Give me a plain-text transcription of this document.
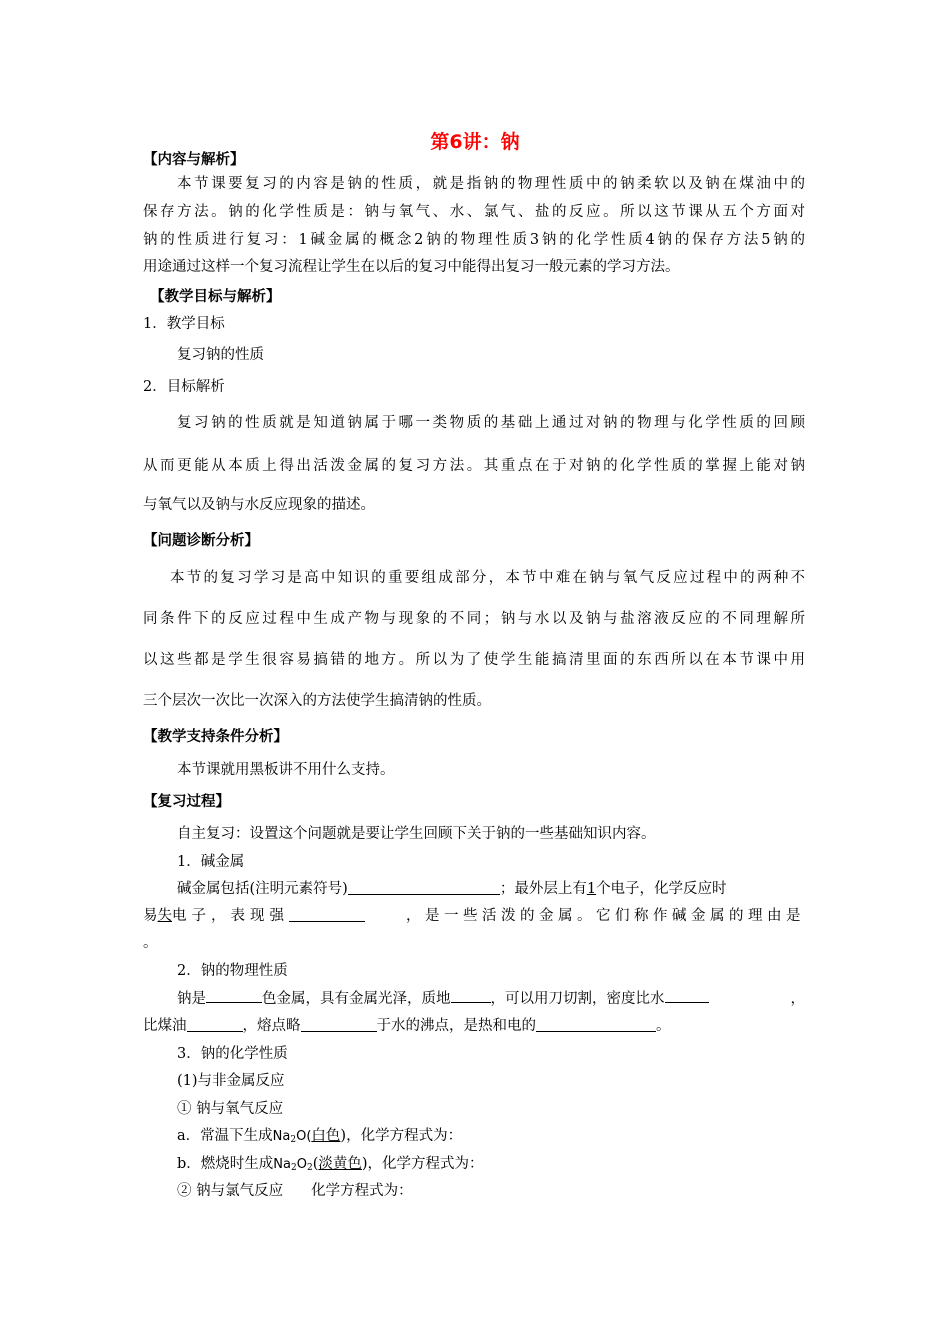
第6讲：钠
【内容与解析】
本节课要复习的内容是钠的性质，就是指钠的物理性质中的钠柔软以及钠在煤油中的
保存方法。钠的化学性质是：钠与氧气、水、氯气、盐的反应。所以这节课从五个方面对
钠的性质进行复习：1碱金属的概念2钠的物理性质3钠的化学性质4钠的保存方法5钠的
用途通过这样一个复习流程让学生在以后的复习中能得出复习一般元素的学习方法。
【教学目标与解析】
1．教学目标
复习钠的性质
2．目标解析
复习钠的性质就是知道钠属于哪一类物质的基础上通过对钠的物理与化学性质的回顾
从而更能从本质上得出活泼金属的复习方法。其重点在于对钠的化学性质的掌握上能对钠
与氧气以及钠与水反应现象的描述。
【问题诊断分析】
本节的复习学习是高中知识的重要组成部分，本节中难在钠与氧气反应过程中的两种不
同条件下的反应过程中生成产物与现象的不同；钠与水以及钠与盐溶液反应的不同理解所
以这些都是学生很容易搞错的地方。所以为了使学生能搞清里面的东西所以在本节课中用
三个层次一次比一次深入的方法使学生搞清钠的性质。
【教学支持条件分析】
本节课就用黑板讲不用什么支持。
【复习过程】
自主复习：设置这个问题就是要让学生回顾下关于钠的一些基础知识内容。
1．碱金属
碱金属包括(注明元素符号)	；最外层上有1个电子，化学反应时
易失电子，表现强	，是一些活泼的金属。它们称作碱金属的理由是
。
2．钠的物理性质
钠是	色金属，具有金属光泽，质地	，可以用刀切割，密度比水	，
比煤油	，熔点略	于水的沸点，是热和电的	。
3．钠的化学性质
(1)与非金属反应
① 钠与氧气反应
a．常温下生成$Na_2O$(白色)，化学方程式为：
b．燃烧时生成$Na_2O_2$(淡黄色)，化学方程式为：
② 钠与氯气反应 化学方程式为：
